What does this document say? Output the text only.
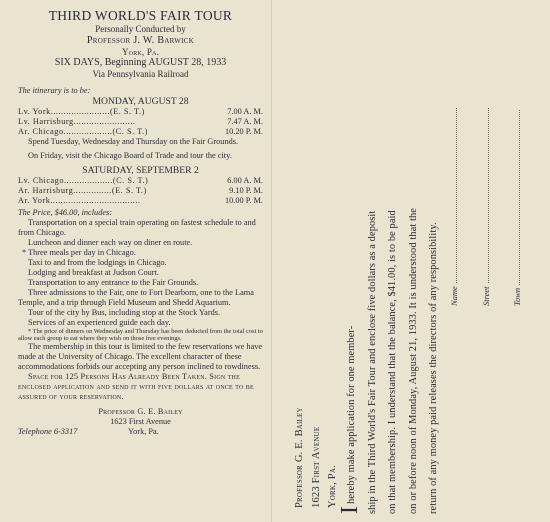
THIRD WORLD'S FAIR TOUR
Personally Conducted by
Professor J. W. Barwick
York, Pa.
SIX DAYS, Beginning AUGUST 28, 1933
Via Pennsylvania Railroad
The itinerary is to be:
MONDAY, AUGUST 28
Lv. York.......................(E. S. T.)	7.00 A. M.
Lv. Harrisburg........................	7.47 A. M.
Ar. Chicago...................(C. S. T.)	10.20 P. M.

Spend Tuesday, Wednesday and Thursday on the Fair Grounds.

On Friday, visit the Chicago Board of Trade and tour the city.

SATURDAY, SEPTEMBER 2
Lv. Chicago...................(C. S. T.)	6.00 A. M.
Ar. Harrisburg...............(E. S. T.)	9.10 P. M.
Ar. York...................................	10.00 P. M.
The Price, $46.00, includes:

Transportation on a special train operating on fastest schedule to and from Chicago.

Luncheon and dinner each way on diner en route.

* Three meals per day in Chicago.

Taxi to and from the lodgings in Chicago.

Lodging and breakfast at Judson Court.

Transportation to any entrance to the Fair Grounds.

Three admissions to the Fair, one to Fort Dearborn, one to the Lama Temple, and a trip through Field Museum and Shedd Aquarium.

Tour of the city by Bus, including stop at the Stock Yards.

Services of an experienced guide each day.

* The price of dinners on Wednesday and Thursday has been deducted from the total cost to allow each group to eat where they wish on those free evenings.

The membership in this tour is limited to the few reservations we have made at the University of Chicago. The excellent character of these accommodations forbids our accepting any person inclined to rowdiness.

Space for 125 Persons Has Already Been Taken. Sign the enclosed application and send it with five dollars at once to be assured of your reservation.

Professor G. E. Bailey
1623 First Avenue
Telephone 6-3317	York, Pa.	Professor G. E. Bailey 1623 First Avenue York, Pa.
Ihereby make application for one member- ship in the Third World's Fair Tour and enclose five dollars as a deposit on that membership. I understand that the balance, $41.00, is to be paid on or before noon of Monday, August 21, 1933. It is understood that the return of any money paid releases the directors of any responsibility.	Name	Street Town
